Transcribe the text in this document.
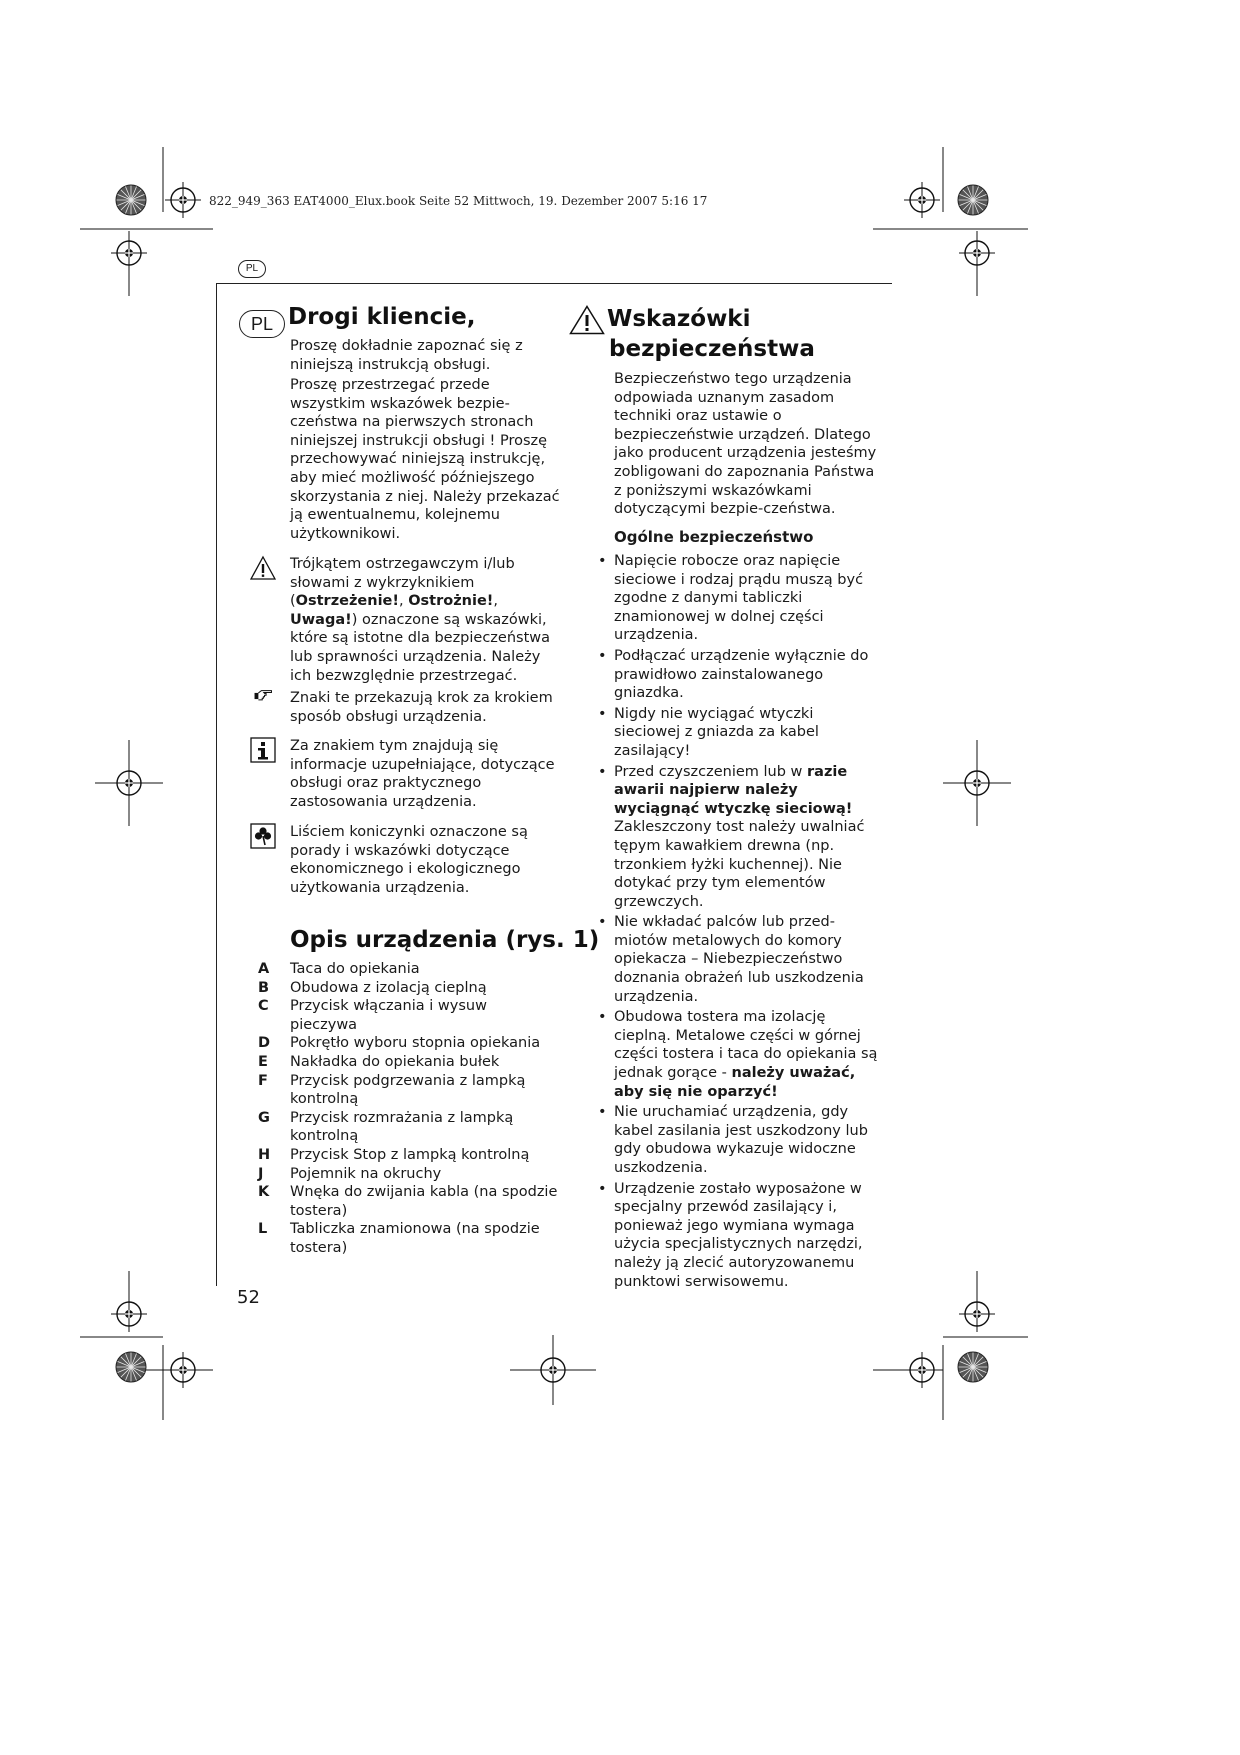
822_949_363 EAT4000_Elux.book Seite 52 Mittwoch, 19. Dezember 2007 5:16 17
PL
PL Drogi kliencie,

Proszę dokładnie zapoznać się z niniejszą instrukcją obsługi.

Proszę przestrzegać przede
wszystkim wskazówek bezpie-
czeństwa na pierwszych stronach
niniejszej instrukcji obsługi ! Proszę
przechowywać niniejszą instrukcję,
aby mieć możliwość późniejszego
skorzystania z niej. Należy przekazać
ją ewentualnemu, kolejnemu
użytkownikowi.
Trójkątem ostrzegawczym i/lub słowami z wykrzyknikiem (Ostrzeżenie!, Ostrożnie!, Uwaga!) oznaczone są wskazówki, które są istotne dla bezpieczeństwa lub sprawności urządzenia. Należy ich bezwzględnie przestrzegać.
Znaki te przekazują krok za krokiem sposób obsługi urządzenia.
Za znakiem tym znajdują się informacje uzupełniające, dotyczące obsługi oraz praktycznego zastosowania urządzenia.
Liściem koniczynki oznaczone są porady i wskazówki dotyczące ekonomicznego i ekologicznego użytkowania urządzenia.
Opis urządzenia (rys. 1)
A Taca do opiekania
B Obudowa z izolacją cieplną
C Przycisk włączania i wysuw pieczywa
D Pokrętło wyboru stopnia opiekania
E Nakładka do opiekania bułek
F Przycisk podgrzewania z lampką kontrolną
G Przycisk rozmrażania z lampką kontrolną
H Przycisk Stop z lampką kontrolną
J Pojemnik na okruchy
K Wnęka do zwijania kabla (na spodzie tostera)
L Tabliczka znamionowa (na spodzie tostera)
52
Wskazówki
bezpieczeństwa
Bezpieczeństwo tego urządzenia odpowiada uznanym zasadom techniki oraz ustawie o bezpieczeństwie urządzeń. Dlatego jako producent urządzenia jesteśmy zobligowani do zapoznania Państwa z poniższymi wskazówkami dotyczącymi bezpie-czeństwa.
Ogólne bezpieczeństwo
• Napięcie robocze oraz napięcie sieciowe i rodzaj prądu muszą być zgodne z danymi tabliczki znamionowej w dolnej części urządzenia.
• Podłączać urządzenie wyłącznie do prawidłowo zainstalowanego gniazdka.
• Nigdy nie wyciągać wtyczki sieciowej z gniazda za kabel zasilający!
• Przed czyszczeniem lub w razie awarii najpierw należy wyciągnąć wtyczkę sieciową! Zakleszczony tost należy uwalniać tępym kawałkiem drewna (np. trzonkiem łyżki kuchennej). Nie dotykać przy tym elementów grzewczych.
• Nie wkładać palców lub przed-miotów metalowych do komory opiekacza – Niebezpieczeństwo doznania obrażeń lub uszkodzenia urządzenia.
• Obudowa tostera ma izolację cieplną. Metalowe części w górnej części tostera i taca do opiekania są jednak gorące - należy uważać, aby się nie oparzyć!
• Nie uruchamiać urządzenia, gdy kabel zasilania jest uszkodzony lub gdy obudowa wykazuje widoczne uszkodzenia.
• Urządzenie zostało wyposażone w specjalny przewód zasilający i, ponieważ jego wymiana wymaga użycia specjalistycznych narzędzi, należy ją zlecić autoryzowanemu punktowi serwisowemu.
